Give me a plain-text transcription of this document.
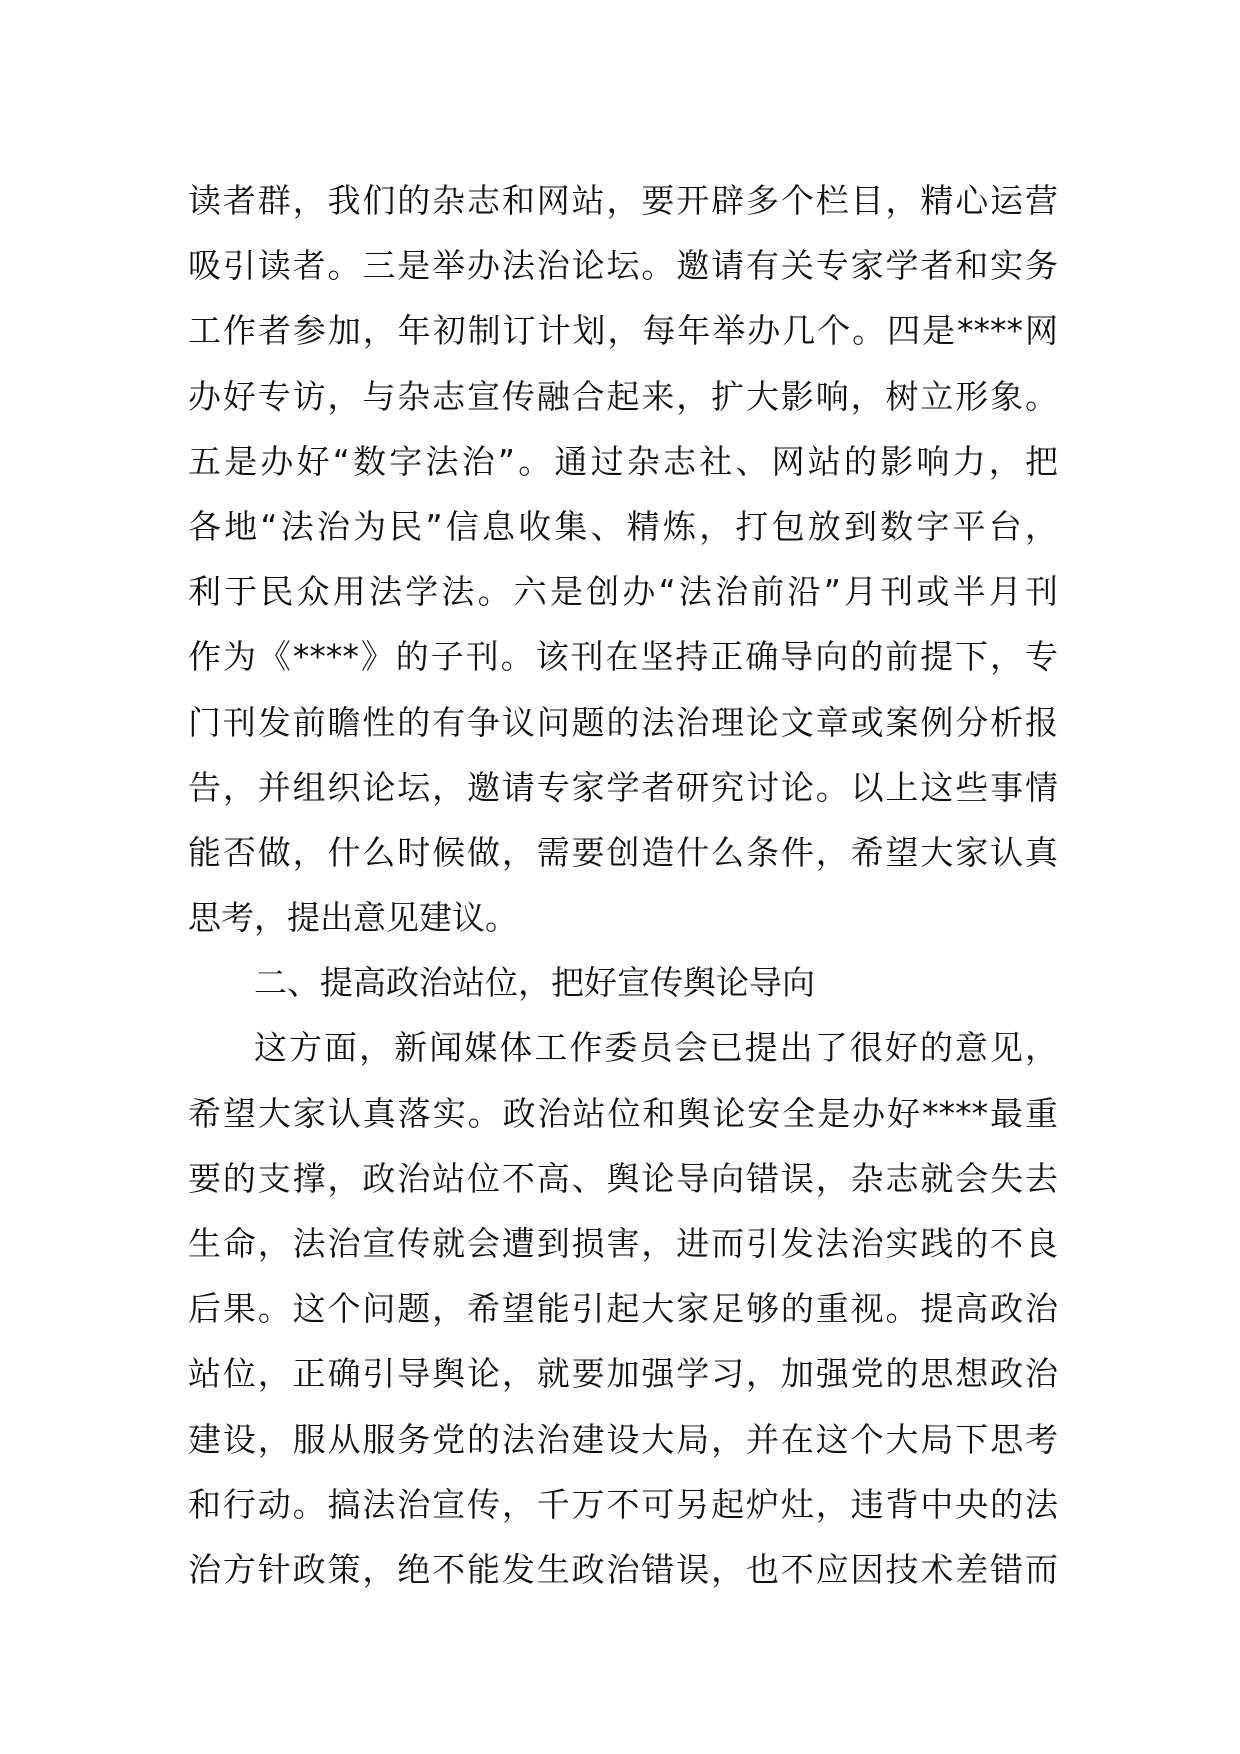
读者群，我们的杂志和网站，要开辟多个栏目，精心运营
吸引读者。三是举办法治论坛。邀请有关专家学者和实务
工作者参加，年初制订计划，每年举办几个。四是****网
办好专访，与杂志宣传融合起来，扩大影响，树立形象。
五是办好“数字法治”。通过杂志社、网站的影响力，把
各地“法治为民”信息收集、精炼，打包放到数字平台，
利于民众用法学法。六是创办“法治前沿”月刊或半月刊
作为《****》的子刊。该刊在坚持正确导向的前提下，专
门刊发前瞻性的有争议问题的法治理论文章或案例分析报
告，并组织论坛，邀请专家学者研究讨论。以上这些事情
能否做，什么时候做，需要创造什么条件，希望大家认真
思考，提出意见建议。
二、提高政治站位，把好宣传舆论导向
这方面，新闻媒体工作委员会已提出了很好的意见，
希望大家认真落实。政治站位和舆论安全是办好****最重
要的支撑，政治站位不高、舆论导向错误，杂志就会失去
生命，法治宣传就会遭到损害，进而引发法治实践的不良
后果。这个问题，希望能引起大家足够的重视。提高政治
站位，正确引导舆论，就要加强学习，加强党的思想政治
建设，服从服务党的法治建设大局，并在这个大局下思考
和行动。搞法治宣传，千万不可另起炉灶，违背中央的法
治方针政策，绝不能发生政治错误，也不应因技术差错而
